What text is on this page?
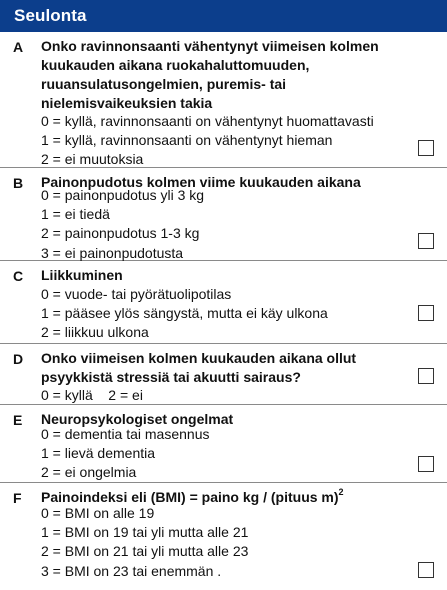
Seulonta
A Onko ravinnonsaanti vähentynyt viimeisen kolmen kuukauden aikana ruokahaluttomuuden, ruuansulatusongelmien, puremis- tai nielemisvaikeuksien takia
0 = kyllä, ravinnonsaanti on vähentynyt huomattavasti
1 = kyllä, ravinnonsaanti on vähentynyt hieman
2 = ei muutoksia
B Painonpudotus kolmen viime kuukauden aikana
0 = painonpudotus yli 3 kg
1 = ei tiedä
2 = painonpudotus 1-3 kg
3 = ei painonpudotusta
C Liikkuminen
0 = vuode- tai pyörätuolipotilas
1 = pääsee ylös sängystä, mutta ei käy ulkona
2 = liikkuu ulkona
D Onko viimeisen kolmen kuukauden aikana ollut psyykkistä stressiä tai akuutti sairaus?
0 = kyllä    2 = ei
E Neuropsykologiset ongelmat
0 = dementia tai masennus
1 = lievä dementia
2 = ei ongelmia
F Painoindeksi eli (BMI) = paino kg / (pituus m)$^2$
0 = BMI on alle 19
1 = BMI on 19 tai yli mutta alle 21
2 = BMI on 21 tai yli mutta alle 23
3 = BMI on 23 tai enemmän .
